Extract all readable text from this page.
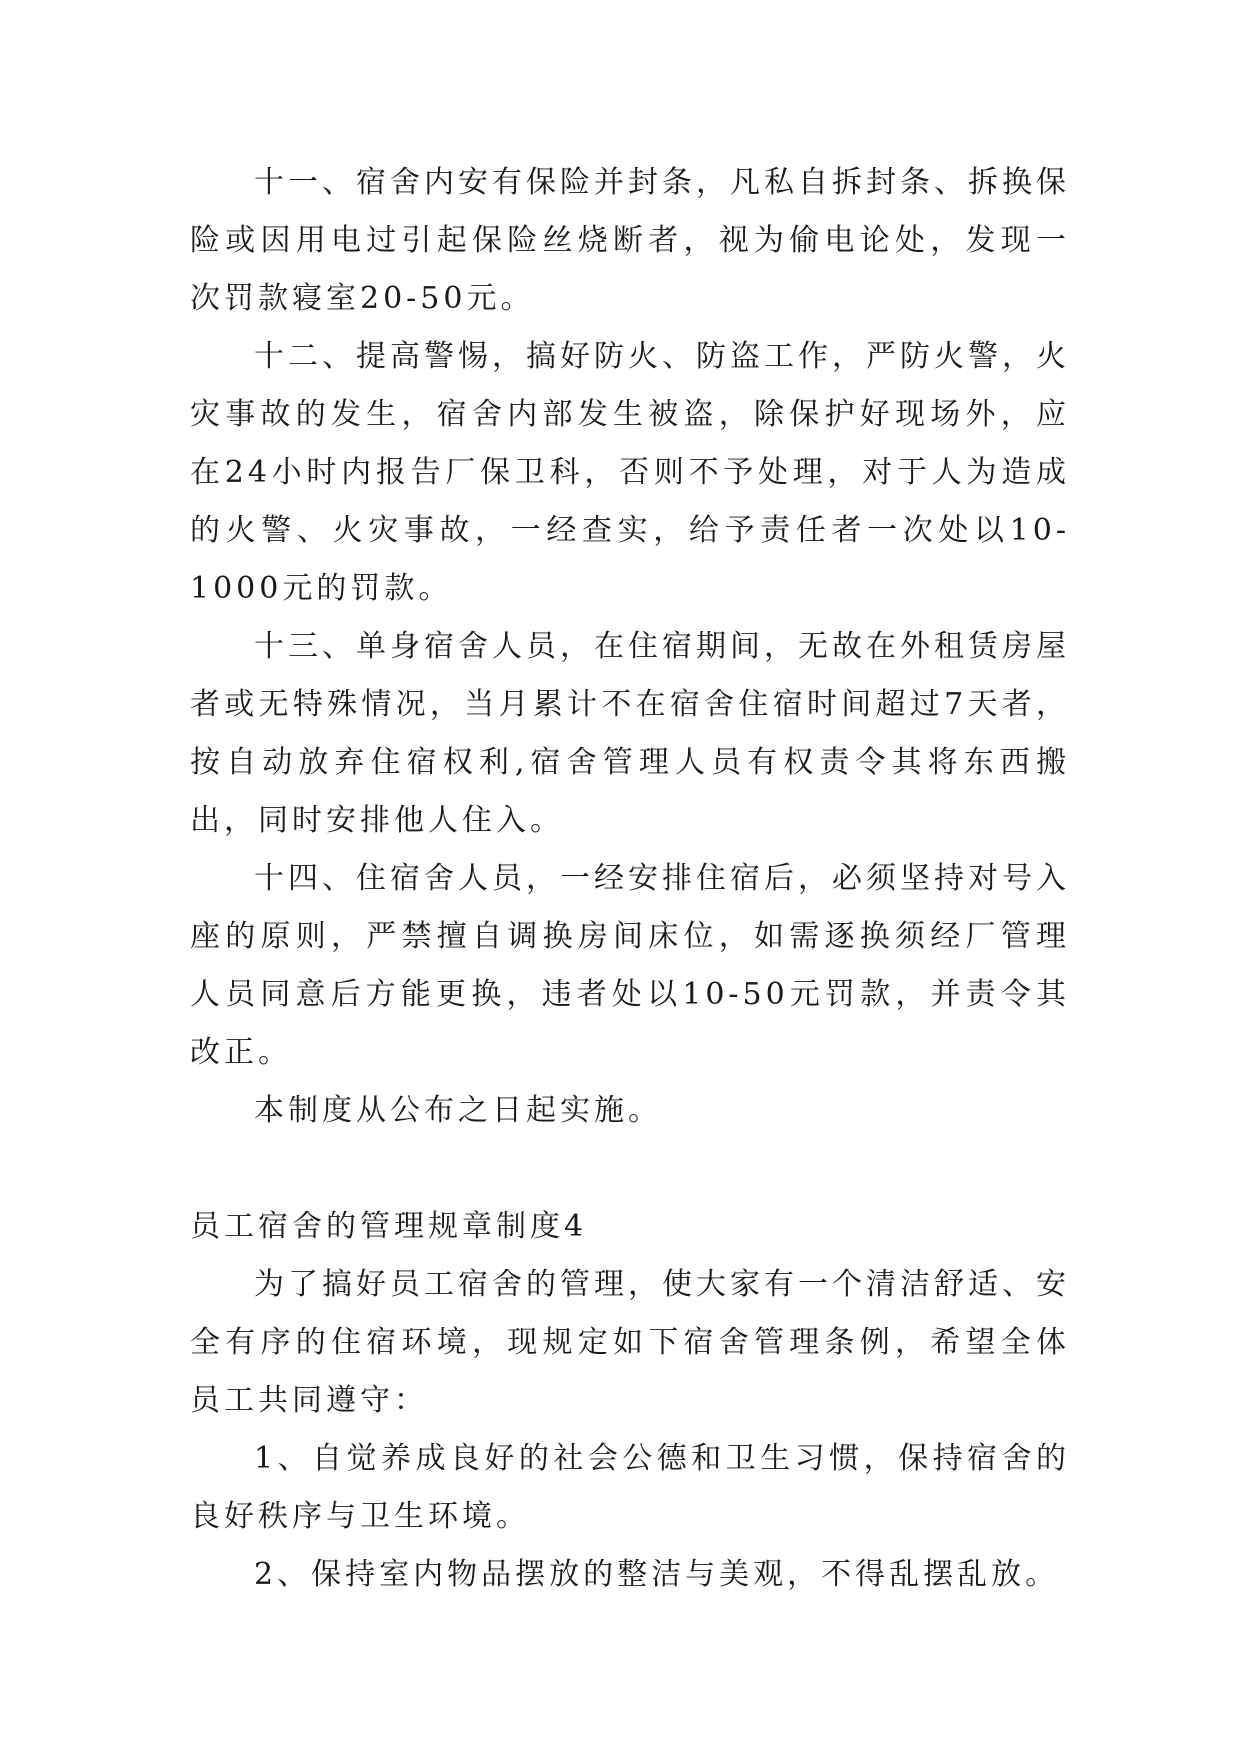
十一、宿舍内安有保险并封条，凡私自拆封条、拆换保险或因用电过引起保险丝烧断者，视为偷电论处，发现一次罚款寝室20-50元。

十二、提高警惕，搞好防火、防盗工作，严防火警，火灾事故的发生，宿舍内部发生被盗，除保护好现场外，应在24小时内报告厂保卫科，否则不予处理，对于人为造成的火警、火灾事故，一经查实，给予责任者一次处以10-1000元的罚款。

十三、单身宿舍人员，在住宿期间，无故在外租赁房屋者或无特殊情况，当月累计不在宿舍住宿时间超过7天者，按自动放弃住宿权利,宿舍管理人员有权责令其将东西搬出，同时安排他人住入。

十四、住宿舍人员，一经安排住宿后，必须坚持对号入座的原则，严禁擅自调换房间床位，如需逐换须经厂管理人员同意后方能更换，违者处以10-50元罚款，并责令其改正。

本制度从公布之日起实施。

员工宿舍的管理规章制度4

为了搞好员工宿舍的管理，使大家有一个清洁舒适、安全有序的住宿环境，现规定如下宿舍管理条例，希望全体员工共同遵守：

1、自觉养成良好的社会公德和卫生习惯，保持宿舍的良好秩序与卫生环境。

2、保持室内物品摆放的整洁与美观，不得乱摆乱放。
